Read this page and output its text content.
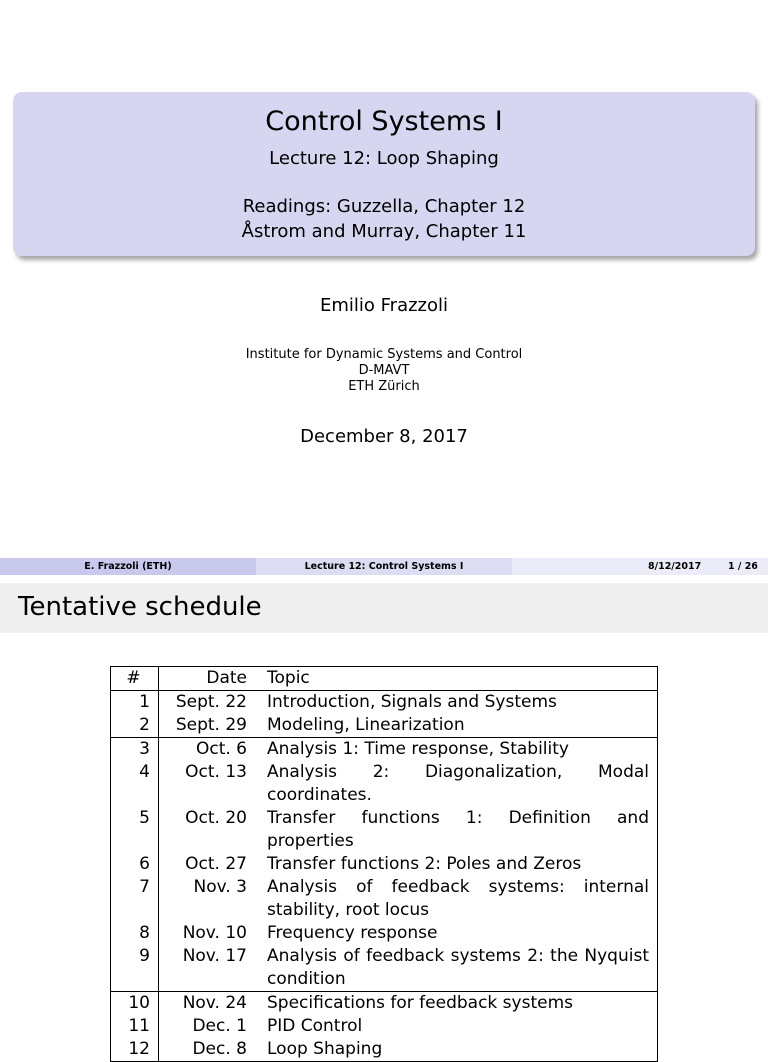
Control Systems I
Lecture 12: Loop Shaping
Readings: Guzzella, Chapter 12
Åstrom and Murray, Chapter 11
Emilio Frazzoli
Institute for Dynamic Systems and Control
D-MAVT
ETH Zürich
December 8, 2017
E. Frazzoli (ETH)	Lecture 12: Control Systems I	8/12/2017	1 / 26
Tentative schedule
#	Date	Topic
1	Sept. 22	Introduction, Signals and Systems
2	Sept. 29	Modeling, Linearization
3	Oct. 6	Analysis 1: Time response, Stability
4	Oct. 13	Analysis 2: Diagonalization, Modal coordinates.
5	Oct. 20	Transfer functions 1: Definition and properties
6	Oct. 27	Transfer functions 2: Poles and Zeros
7	Nov. 3	Analysis of feedback systems: internal stability, root locus
8	Nov. 10	Frequency response
9	Nov. 17	Analysis of feedback systems 2: the Nyquist condition
10	Nov. 24	Specifications for feedback systems
11	Dec. 1	PID Control
12	Dec. 8	Loop Shaping
